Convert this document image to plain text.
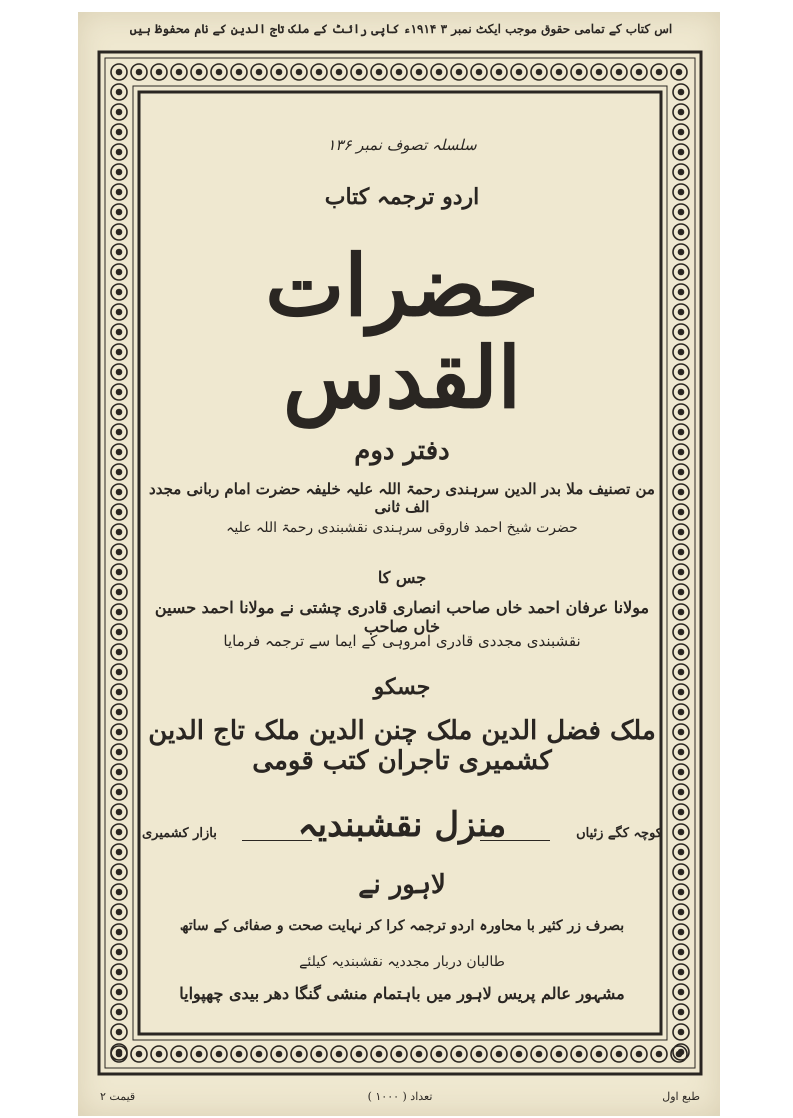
اس کتاب کے تمامی حقوق موجب ایکٹ نمبر ۳ ۱۹۱۴ء کاپی رائٹ کے ملک تاج الدین کے نام محفوظ ہیں
سلسلہ تصوف نمبر ۱۳۶
اردو ترجمہ کتاب
حضرات القدس
دفتر دوم
من تصنیف ملا بدر الدین سرہندی رحمۃ اللہ علیہ خلیفہ حضرت امام ربانی مجدد الف ثانی
حضرت شیخ احمد فاروقی سرہندی نقشبندی رحمۃ اللہ علیہ
جس کا
مولانا عرفان احمد خاں صاحب انصاری قادری چشتی نے مولانا احمد حسین خاں صاحب
نقشبندی مجددی قادری امروہی کے ایما سے ترجمہ فرمایا
جسکو
ملک فضل الدین ملک چنن الدین ملک تاج الدین کشمیری تاجران کتب قومی
کوچہ کگے زئیاں
منزل نقشبندیہ
بازار کشمیری
لاہور نے
بصرف زر کثیر با محاورہ اردو ترجمہ کرا کر نہایت صحت و صفائی کے ساتھ
طالبان دربار مجددیہ نقشبندیہ کیلئے
مشہور عالم پریس لاہور میں باہتمام منشی گنگا دھر بیدی چھپوایا
طبع اول
تعداد ( ۱۰۰۰ )
قیمت ۲
